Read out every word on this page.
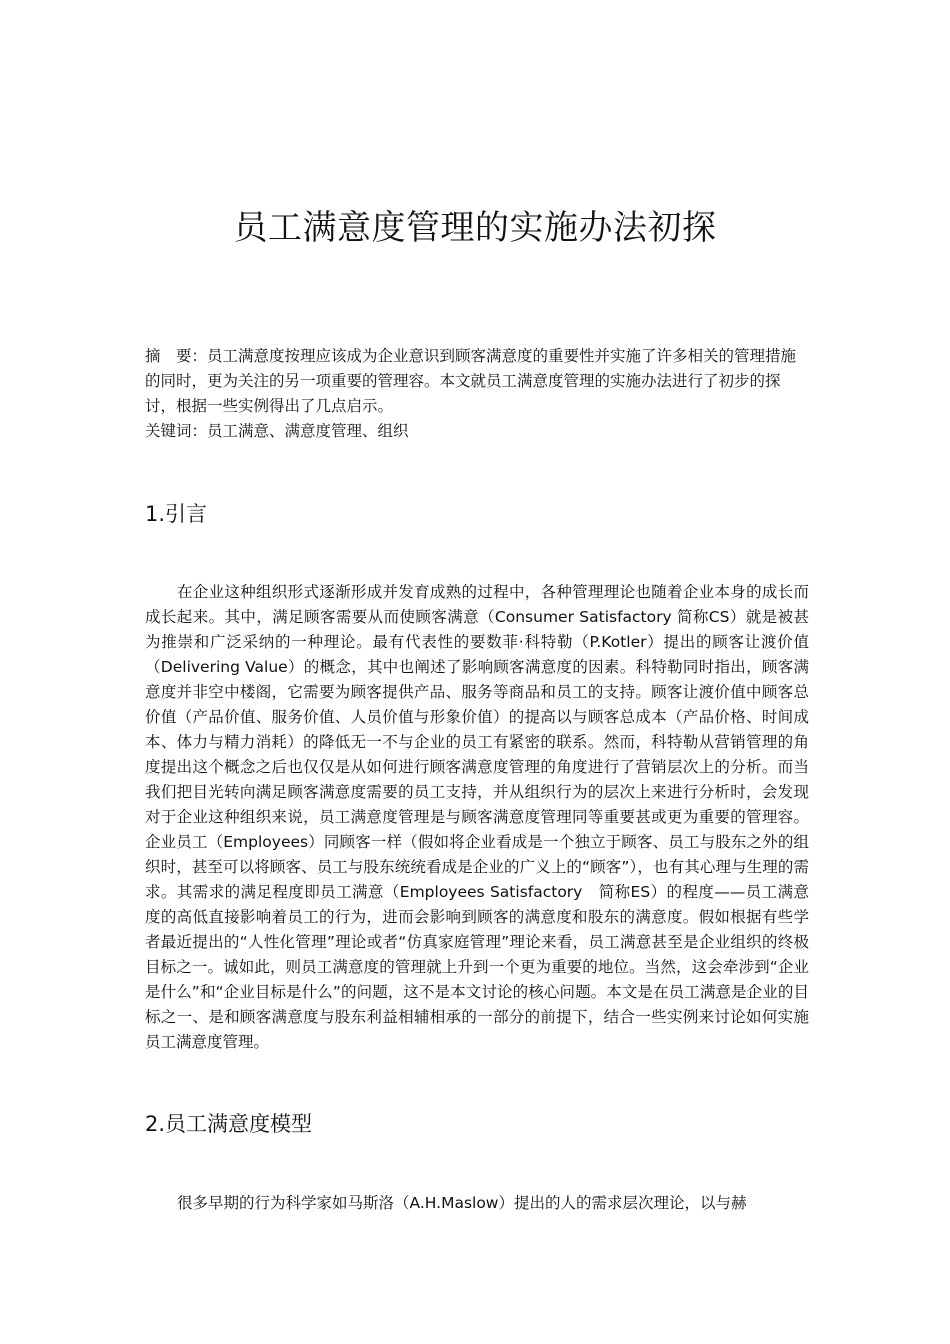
员工满意度管理的实施办法初探

摘　要：员工满意度按理应该成为企业意识到顾客满意度的重要性并实施了许多相关的管理措施的同时，更为关注的另一项重要的管理容。本文就员工满意度管理的实施办法进行了初步的探讨，根据一些实例得出了几点启示。

关键词：员工满意、满意度管理、组织

1.引言

在企业这种组织形式逐渐形成并发育成熟的过程中，各种管理理论也随着企业本身的成长而成长起来。其中，满足顾客需要从而使顾客满意（Consumer Satisfactory 简称CS）就是被甚为推崇和广泛采纳的一种理论。最有代表性的要数菲·科特勒（P.Kotler）提出的顾客让渡价值（Delivering Value）的概念，其中也阐述了影响顾客满意度的因素。科特勒同时指出，顾客满意度并非空中楼阁，它需要为顾客提供产品、服务等商品和员工的支持。顾客让渡价值中顾客总价值（产品价值、服务价值、人员价值与形象价值）的提高以与顾客总成本（产品价格、时间成本、体力与精力消耗）的降低无一不与企业的员工有紧密的联系。然而，科特勒从营销管理的角度提出这个概念之后也仅仅是从如何进行顾客满意度管理的角度进行了营销层次上的分析。而当我们把目光转向满足顾客满意度需要的员工支持，并从组织行为的层次上来进行分析时，会发现对于企业这种组织来说，员工满意度管理是与顾客满意度管理同等重要甚或更为重要的管理容。企业员工（Employees）同顾客一样（假如将企业看成是一个独立于顾客、员工与股东之外的组织时，甚至可以将顾客、员工与股东统统看成是企业的广义上的“顾客”），也有其心理与生理的需求。其需求的满足程度即员工满意（Employees Satisfactory　简称ES）的程度——员工满意度的高低直接影响着员工的行为，进而会影响到顾客的满意度和股东的满意度。假如根据有些学者最近提出的“人性化管理”理论或者“仿真家庭管理”理论来看，员工满意甚至是企业组织的终极目标之一。诚如此，则员工满意度的管理就上升到一个更为重要的地位。当然，这会牵涉到“企业是什么”和“企业目标是什么”的问题，这不是本文讨论的核心问题。本文是在员工满意是企业的目标之一、是和顾客满意度与股东利益相辅相承的一部分的前提下，结合一些实例来讨论如何实施员工满意度管理。

2.员工满意度模型

很多早期的行为科学家如马斯洛（A.H.Maslow）提出的人的需求层次理论，以与赫
